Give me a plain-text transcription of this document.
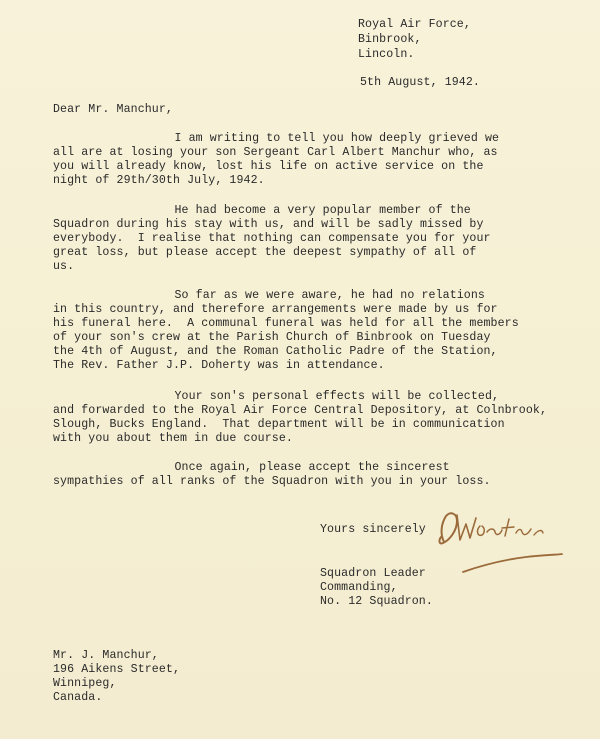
Royal Air Force,
Binbrook,
Lincoln.
5th August, 1942.
Dear Mr. Manchur,
I am writing to tell you how deeply grieved we
all are at losing your son Sergeant Carl Albert Manchur who, as
you will already know, lost his life on active service on the
night of 29th/30th July, 1942.
He had become a very popular member of the
Squadron during his stay with us, and will be sadly missed by
everybody.  I realise that nothing can compensate you for your
great loss, but please accept the deepest sympathy of all of
us.
So far as we were aware, he had no relations
in this country, and therefore arrangements were made by us for
his funeral here.  A communal funeral was held for all the members
of your son's crew at the Parish Church of Binbrook on Tuesday
the 4th of August, and the Roman Catholic Padre of the Station,
The Rev. Father J.P. Doherty was in attendance.
Your son's personal effects will be collected,
and forwarded to the Royal Air Force Central Depository, at Colnbrook,
Slough, Bucks England.  That department will be in communication
with you about them in due course.
Once again, please accept the sincerest
sympathies of all ranks of the Squadron with you in your loss.
Yours sincerely
Squadron Leader
Commanding,
No. 12 Squadron.
Mr. J. Manchur,
196 Aikens Street,
Winnipeg,
Canada.
